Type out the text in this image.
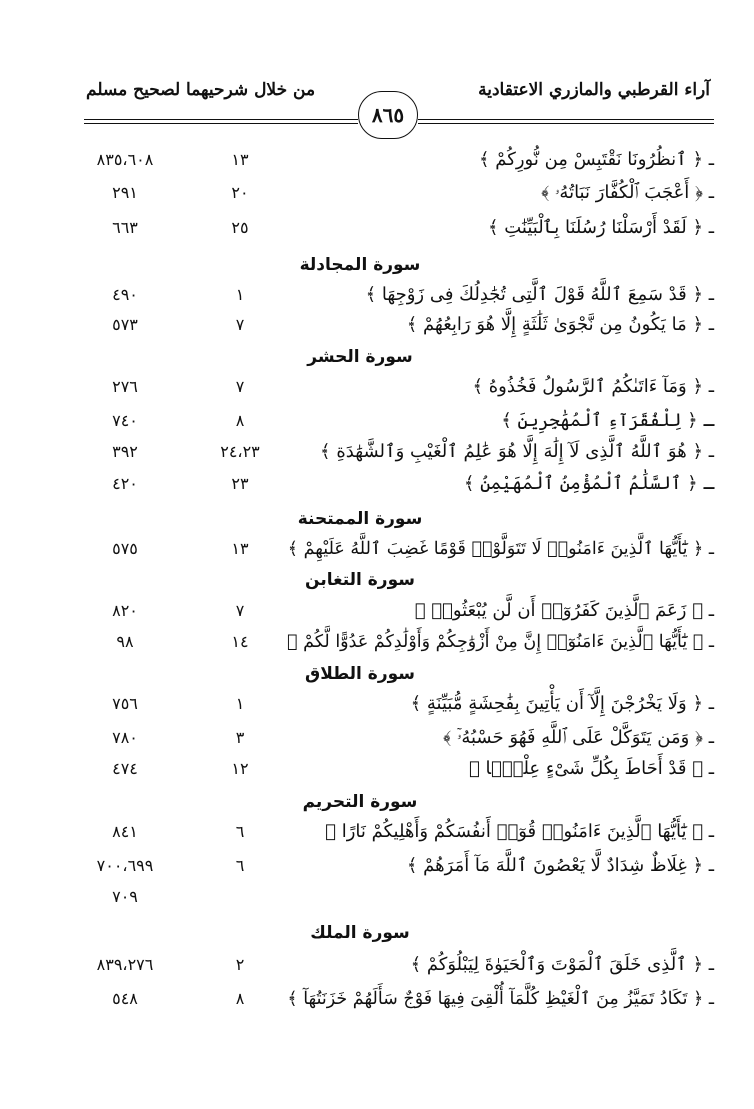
آراء القرطبي والمازري الاعتقادية
من خلال شرحيهما لصحيح مسلم
٨٦٥
ـ ﴿ ٱنظُرُونَا نَقْتَبِسْ مِن نُّورِكُمْ ﴾
١٣
٨٣٥،٦٠٨
ـ ﴿ أَعْجَبَ ٱلْكُفَّارَ نَبَاتُهُۥ ﴾
٢٠
٢٩١
ـ ﴿ لَقَدْ أَرْسَلْنَا رُسُلَنَا بِٱلْبَيِّنَٰتِ ﴾
٢٥
٦٦٣
سورة المجادلة
ـ ﴿ قَدْ سَمِعَ ٱللَّهُ قَوْلَ ٱلَّتِى تُجَٰدِلُكَ فِى زَوْجِهَا ﴾
١
٤٩٠
ـ ﴿ مَا يَكُونُ مِن نَّجْوَىٰ ثَلَٰثَةٍ إِلَّا هُوَ رَابِعُهُمْ ﴾
٧
٥٧٣
سورة الحشر
ـ ﴿ وَمَآ ءَاتَىٰكُمُ ٱلرَّسُولُ فَخُذُوهُ ﴾
٧
٢٧٦
ـ ﴿ لِلْفُقَرَآءِ ٱلْمُهَٰجِرِينَ ﴾
٨
٧٤٠
ـ ﴿ هُوَ ٱللَّهُ ٱلَّذِى لَآ إِلَٰهَ إِلَّا هُوَ عَٰلِمُ ٱلْغَيْبِ وَٱلشَّهَٰدَةِ ﴾
٢٤،٢٣
٣٩٢
ـ ﴿ ٱلسَّلَٰمُ ٱلْمُؤْمِنُ ٱلْمُهَيْمِنُ ﴾
٢٣
٤٢٠
سورة الممتحنة
ـ ﴿ يَٰٓأَيُّهَا ٱلَّذِينَ ءَامَنُوا۟ لَا تَتَوَلَّوْا۟ قَوْمًا غَضِبَ ٱللَّهُ عَلَيْهِمْ ﴾
١٣
٥٧٥
سورة التغابن
ـ ﴿ زَعَمَ ٱلَّذِينَ كَفَرُوٓا۟ أَن لَّن يُبْعَثُوا۟ ﴾
٧
٨٢٠
ـ ﴿ يَٰٓأَيُّهَا ٱلَّذِينَ ءَامَنُوٓا۟ إِنَّ مِنْ أَزْوَٰجِكُمْ وَأَوْلَٰدِكُمْ عَدُوًّا لَّكُمْ ﴾
١٤
٩٨
سورة الطلاق
ـ ﴿ وَلَا يَخْرُجْنَ إِلَّآ أَن يَأْتِينَ بِفَٰحِشَةٍ مُّبَيِّنَةٍ ﴾
١
٧٥٦
ـ ﴿ وَمَن يَتَوَكَّلْ عَلَى ٱللَّهِ فَهُوَ حَسْبُهُۥٓ ﴾
٣
٧٨٠
ـ ﴿ قَدْ أَحَاطَ بِكُلِّ شَىْءٍ عِلْمًۢا ﴾
١٢
٤٧٤
سورة التحريم
ـ ﴿ يَٰٓأَيُّهَا ٱلَّذِينَ ءَامَنُوا۟ قُوٓا۟ أَنفُسَكُمْ وَأَهْلِيكُمْ نَارًا ﴾
٦
٨٤١
ـ ﴿ غِلَاظٌ شِدَادٌ لَّا يَعْصُونَ ٱللَّهَ مَآ أَمَرَهُمْ ﴾
٦
٧٠٠،٦٩٩
٧٠٩
سورة الملك
ـ ﴿ ٱلَّذِى خَلَقَ ٱلْمَوْتَ وَٱلْحَيَوٰةَ لِيَبْلُوَكُمْ ﴾
٢
٨٣٩،٢٧٦
ـ ﴿ تَكَادُ تَمَيَّزُ مِنَ ٱلْغَيْظِ كُلَّمَآ أُلْقِىَ فِيهَا فَوْجٌ سَأَلَهُمْ خَزَنَتُهَآ ﴾
٨
٥٤٨
